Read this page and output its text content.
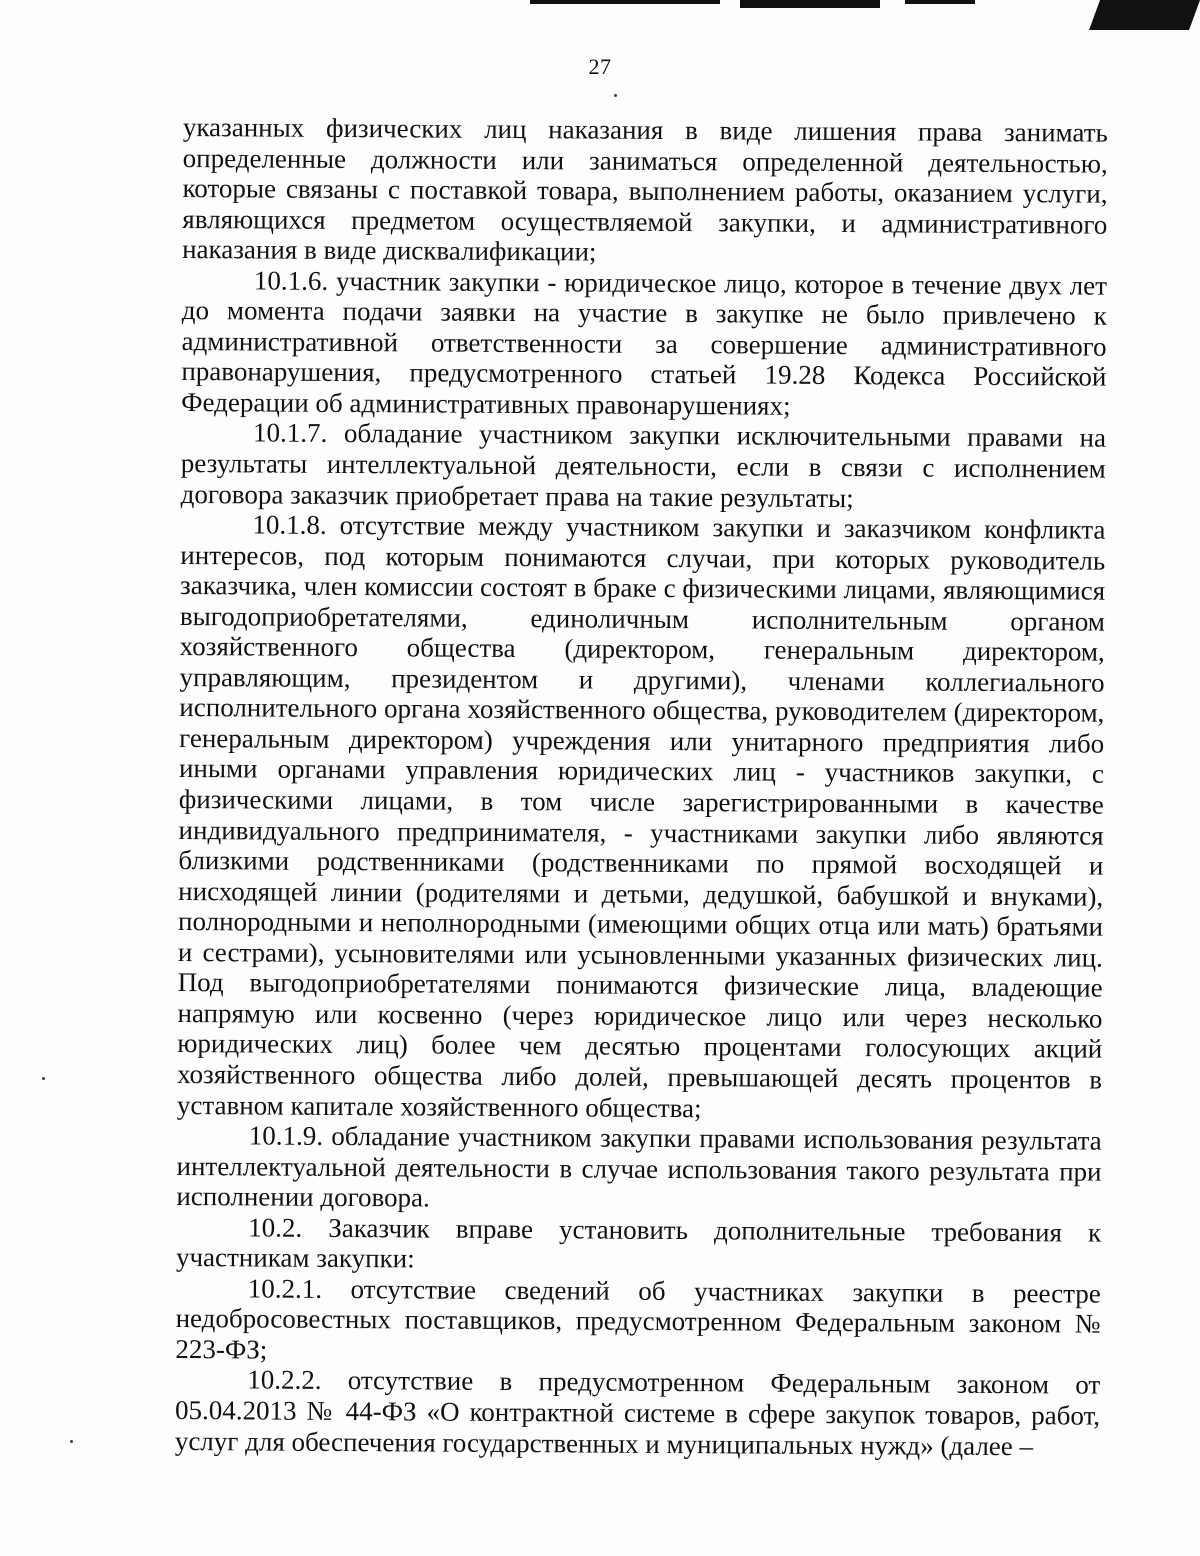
27

указанных физических лиц наказания в виде лишения права занимать определенные должности или заниматься определенной деятельностью, которые связаны с поставкой товара, выполнением работы, оказанием услуги, являющихся предметом осуществляемой закупки, и административного наказания в виде дисквалификации;

10.1.6. участник закупки - юридическое лицо, которое в течение двух лет до момента подачи заявки на участие в закупке не было привлечено к административной ответственности за совершение административного правонарушения, предусмотренного статьей 19.28 Кодекса Российской Федерации об административных правонарушениях;

10.1.7. обладание участником закупки исключительными правами на результаты интеллектуальной деятельности, если в связи с исполнением договора заказчик приобретает права на такие результаты;

10.1.8. отсутствие между участником закупки и заказчиком конфликта интересов, под которым понимаются случаи, при которых руководитель заказчика, член комиссии состоят в браке с физическими лицами, являющимися выгодоприобретателями, единоличным исполнительным органом хозяйственного общества (директором, генеральным директором, управляющим, президентом и другими), членами коллегиального исполнительного органа хозяйственного общества, руководителем (директором, генеральным директором) учреждения или унитарного предприятия либо иными органами управления юридических лиц - участников закупки, с физическими лицами, в том числе зарегистрированными в качестве индивидуального предпринимателя, - участниками закупки либо являются близкими родственниками (родственниками по прямой восходящей и нисходящей линии (родителями и детьми, дедушкой, бабушкой и внуками), полнородными и неполнородными (имеющими общих отца или мать) братьями и сестрами), усыновителями или усыновленными указанных физических лиц. Под выгодоприобретателями понимаются физические лица, владеющие напрямую или косвенно (через юридическое лицо или через несколько юридических лиц) более чем десятью процентами голосующих акций хозяйственного общества либо долей, превышающей десять процентов в уставном капитале хозяйственного общества;

10.1.9. обладание участником закупки правами использования результата интеллектуальной деятельности в случае использования такого результата при исполнении договора.

10.2. Заказчик вправе установить дополнительные требования к участникам закупки:

10.2.1. отсутствие сведений об участниках закупки в реестре недобросовестных поставщиков, предусмотренном Федеральным законом № 223-ФЗ;

10.2.2. отсутствие в предусмотренном Федеральным законом от 05.04.2013 № 44-ФЗ «О контрактной системе в сфере закупок товаров, работ, услуг для обеспечения государственных и муниципальных нужд» (далее –
